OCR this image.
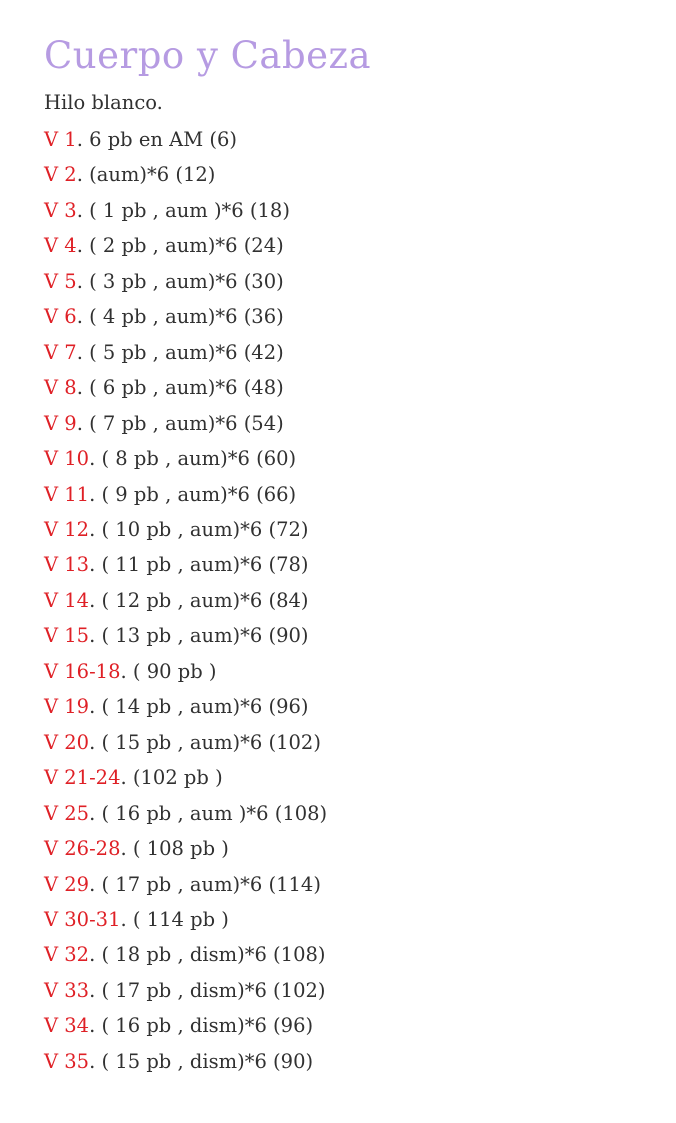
Cuerpo y Cabeza

Hilo blanco.

V 1. 6 pb en AM (6)

V 2. (aum)*6 (12)

V 3. ( 1 pb , aum )*6 (18)

V 4. ( 2 pb , aum)*6 (24)

V 5. ( 3 pb , aum)*6 (30)

V 6. ( 4 pb , aum)*6 (36)

V 7. ( 5 pb , aum)*6 (42)

V 8. ( 6 pb , aum)*6 (48)

V 9. ( 7 pb , aum)*6 (54)

V 10. ( 8 pb , aum)*6 (60)

V 11. ( 9 pb , aum)*6 (66)

V 12. ( 10 pb , aum)*6 (72)

V 13. ( 11 pb , aum)*6 (78)

V 14. ( 12 pb , aum)*6 (84)

V 15. ( 13 pb , aum)*6 (90)

V 16-18. ( 90 pb )

V 19. ( 14 pb , aum)*6 (96)

V 20. ( 15 pb , aum)*6 (102)

V 21-24. (102 pb )

V 25. ( 16 pb , aum )*6 (108)

V 26-28. ( 108 pb )

V 29. ( 17 pb , aum)*6 (114)

V 30-31. ( 114 pb )

V 32. ( 18 pb , dism)*6 (108)

V 33. ( 17 pb , dism)*6 (102)

V 34. ( 16 pb , dism)*6 (96)

V 35. ( 15 pb , dism)*6 (90)
